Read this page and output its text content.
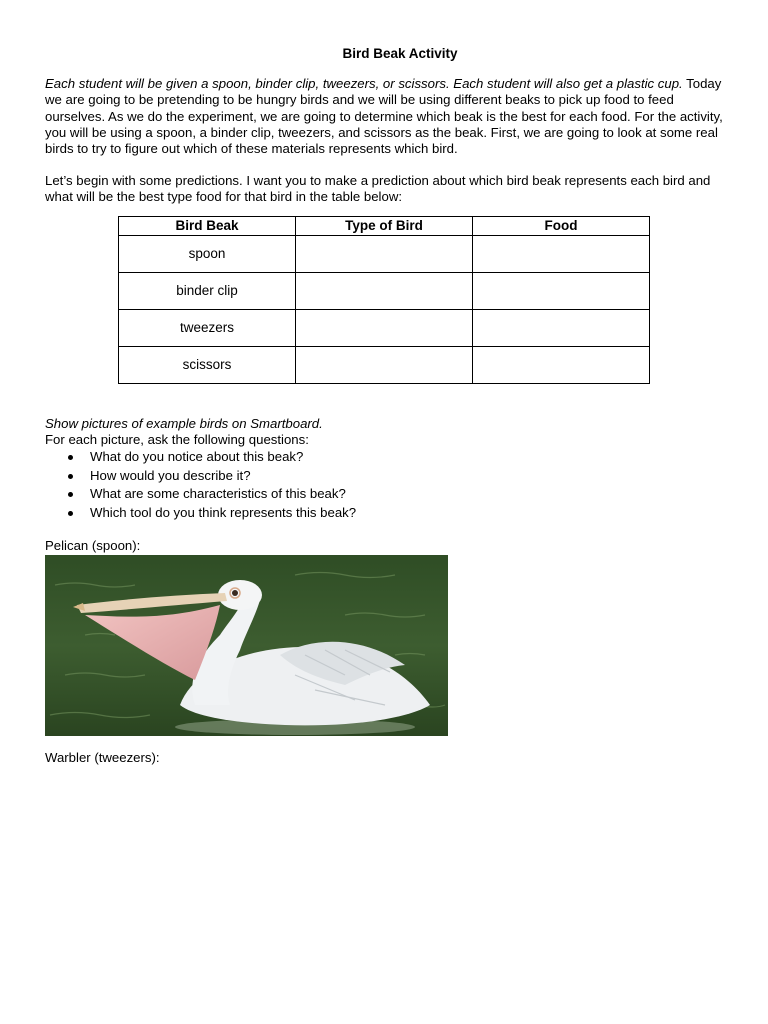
Bird Beak Activity

Each student will be given a spoon, binder clip, tweezers, or scissors. Each student will also get a plastic cup. Today we are going to be pretending to be hungry birds and we will be using different beaks to pick up food to feed ourselves. As we do the experiment, we are going to determine which beak is the best for each food. For the activity, you will be using a spoon, a binder clip, tweezers, and scissors as the beak. First, we are going to look at some real birds to try to figure out which of these materials represents which bird.

Let’s begin with some predictions. I want you to make a prediction about which bird beak represents each bird and what will be the best type food for that bird in the table below:

Bird Beak	Type of Bird	Food
spoon		
binder clip		
tweezers		
scissors		

Show pictures of example birds on Smartboard.

For each picture, ask the following questions:

What do you notice about this beak?
How would you describe it?
What are some characteristics of this beak?
Which tool do you think represents this beak?

Pelican (spoon):

Warbler (tweezers):
